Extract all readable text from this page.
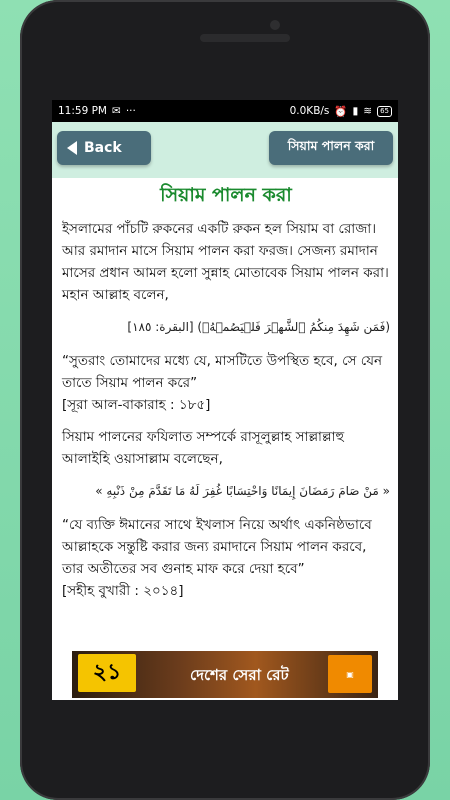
11:59 PM ✉ ···	0.0KB/s ⏰ ▮ ≋	65
Back	সিয়াম পালন করা
সিয়াম পালন করা

ইসলামের পাঁচটি রুকনের একটি রুকন হল সিয়াম বা রোজা। আর রমাদান মাসে সিয়াম পালন করা ফরজ। সেজন্য রমাদান মাসের প্রধান আমল হলো সুন্নাহ মোতাবেক সিয়াম পালন করা। মহান আল্লাহ বলেন,

(فَمَن شَهِدَ مِنكُمُ ٱلشَّهۡرَ فَلۡيَصُمۡهُۖ) [البقرة: ١٨٥]

“সুতরাং তোমাদের মধ্যে যে, মাসটিতে উপস্থিত হবে, সে যেন তাতে সিয়াম পালন করে”

[সূরা আল-বাকারাহ : ১৮৫]

সিয়াম পালনের ফযিলাত সম্পর্কে রাসূলুল্লাহ সাল্লাল্লাহু আলাইহি ওয়াসাল্লাম বলেছেন,

« مَنْ صَامَ رَمَضَانَ إِيمَانًا وَاحْتِسَابًا غُفِرَ لَهُ مَا تَقَدَّمَ مِنْ ذَنْبِهِ »

“যে ব্যক্তি ঈমানের সাথে ইখলাস নিয়ে অর্থাৎ একনিষ্ঠভাবে আল্লাহকে সন্তুষ্টি করার জন্য রমাদানে সিয়াম পালন করবে, তার অতীতের সব গুনাহ মাফ করে দেয়া হবে”

[সহীহ বুখারী : ২০১৪]

২১	দেশের সেরা রেট	▣
